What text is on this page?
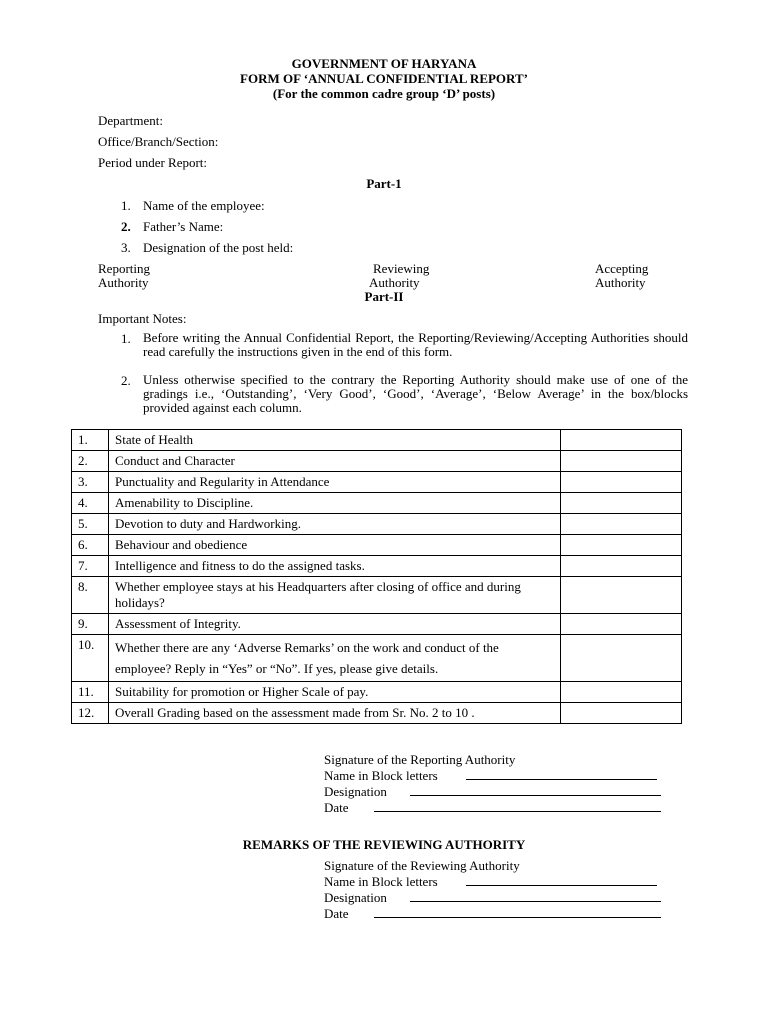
GOVERNMENT OF HARYANA
FORM OF ‘ANNUAL CONFIDENTIAL REPORT’
(For the common cadre group ‘D’ posts)
Department:
Office/Branch/Section:
Period under Report:
Part-1
1. Name of the employee:
2. Father’s Name:
3. Designation of the post held:
Reporting
Authority
Reviewing
Authority
Accepting
Authority
Part-II
Important Notes:
1. Before writing the Annual Confidential Report, the Reporting/Reviewing/Accepting Authorities should read carefully the instructions given in the end of this form.
2. Unless otherwise specified to the contrary the Reporting Authority should make use of one of the gradings i.e., ‘Outstanding’, ‘Very Good’, ‘Good’, ‘Average’, ‘Below Average’ in the box/blocks provided against each column.
1.	State of Health	
2.	Conduct and Character	
3.	Punctuality and Regularity in Attendance	
4.	Amenability to Discipline.	
5.	Devotion to duty and Hardworking.	
6.	Behaviour and obedience	
7.	Intelligence and fitness to do the assigned tasks.	
8.	Whether employee stays at his Headquarters after closing of office and during holidays?	
9.	Assessment of Integrity.	
10.	Whether there are any ‘Adverse Remarks’ on the work and conduct of the employee? Reply in “Yes” or “No”. If yes, please give details.	
11.	Suitability for promotion or Higher Scale of pay.	
12.	Overall Grading based on the assessment made from Sr. No. 2 to 10 .	
Signature of the Reporting Authority
Name in Block letters
Designation
Date
REMARKS OF THE REVIEWING AUTHORITY
Signature of the Reviewing Authority
Name in Block letters
Designation
Date
